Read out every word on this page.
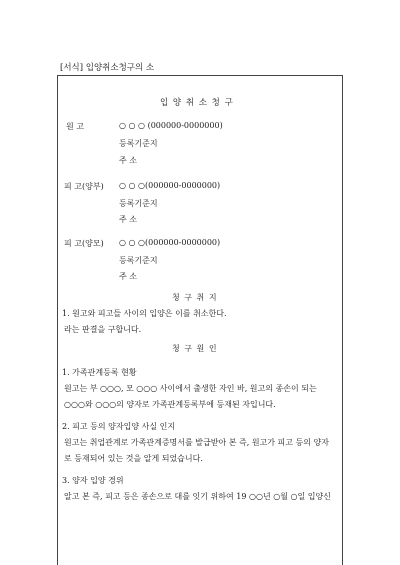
[서식] 입양취소청구의 소
입 양 취 소 청 구
원 고	○ ○ ○ (000000-0000000)
등록기준지
주 소
피 고(양부) ○ ○ ○(000000-0000000)
등록기준지
주 소
피 고(양모) ○ ○ ○(000000-0000000)
등록기준지
주 소
청 구 취 지
1. 원고와 피고들 사이의 입양은 이를 취소한다.
라는 판결을 구합니다.
청 구 원 인
1. 가족관계등록 현황
원고는 부 ○○○, 모 ○○○ 사이에서 출생한 자인 바, 원고의 종손이 되는
○○○와 ○○○의 양자로 가족관계등록부에 등재된 자입니다.
2. 피고 등의 양자입양 사실 인지
원고는 취업관계로 가족관계증명서를 발급받아 본 즉, 원고가 피고 등의 양자
로 등재되어 있는 것을 알게 되었습니다.
3. 양자 입양 경위
알고 본 즉, 피고 등은 종손으로 대를 잇기 위하여 19 ○○년 ○월 ○일 입양신
